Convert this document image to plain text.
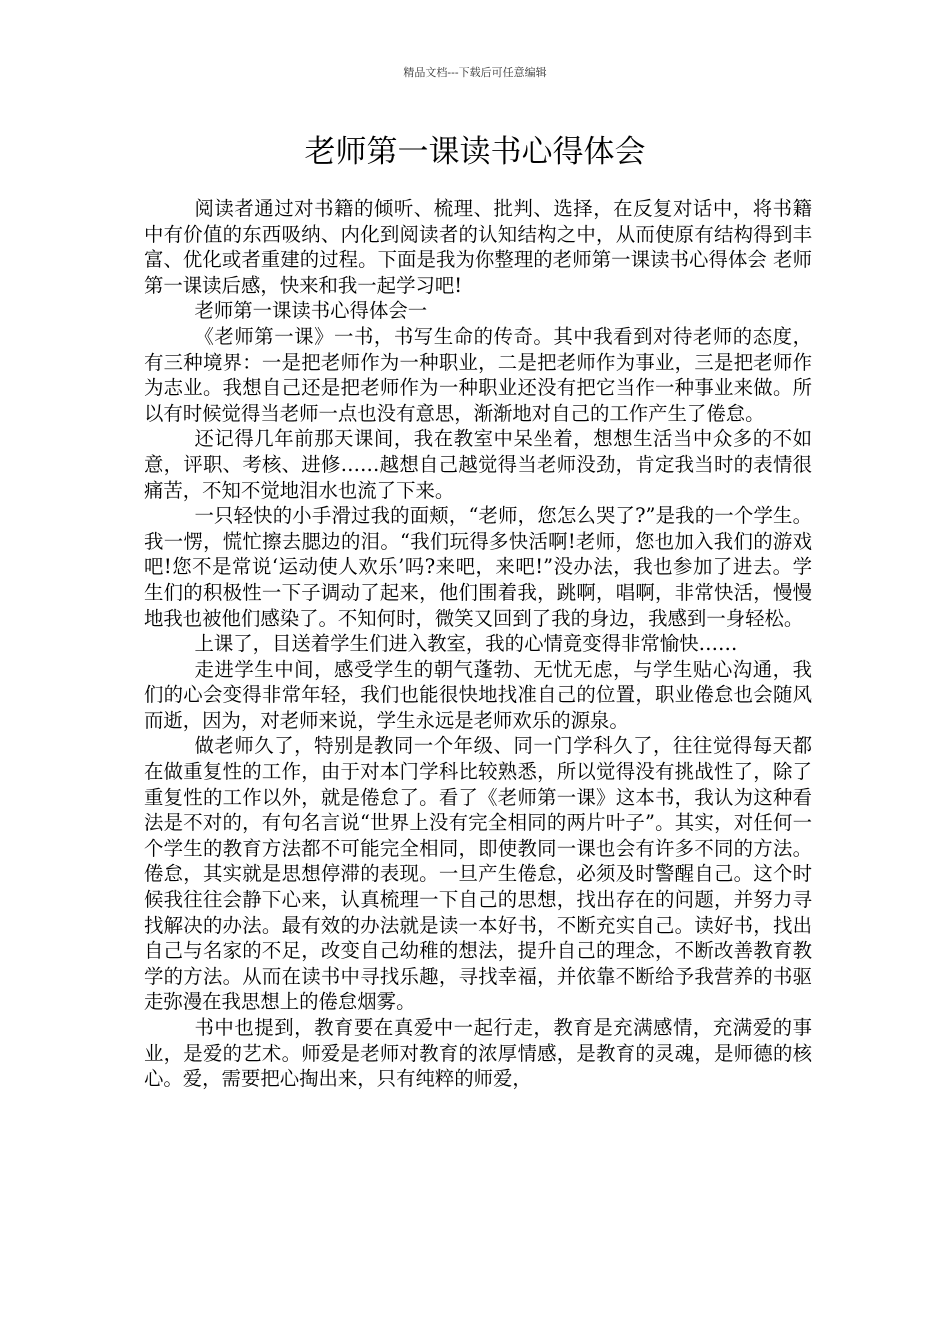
精品文档---下载后可任意编辑
老师第一课读书心得体会

阅读者通过对书籍的倾听、梳理、批判、选择，在反复对话中，将书籍中有价值的东西吸纳、内化到阅读者的认知结构之中，从而使原有结构得到丰富、优化或者重建的过程。下面是我为你整理的老师第一课读书心得体会 老师第一课读后感，快来和我一起学习吧!

老师第一课读书心得体会一

《老师第一课》一书，书写生命的传奇。其中我看到对待老师的态度，有三种境界：一是把老师作为一种职业，二是把老师作为事业，三是把老师作为志业。我想自己还是把老师作为一种职业还没有把它当作一种事业来做。所以有时候觉得当老师一点也没有意思，渐渐地对自己的工作产生了倦怠。

还记得几年前那天课间，我在教室中呆坐着，想想生活当中众多的不如意，评职、考核、进修……越想自己越觉得当老师没劲，肯定我当时的表情很痛苦，不知不觉地泪水也流了下来。

一只轻快的小手滑过我的面颊，“老师，您怎么哭了?”是我的一个学生。我一愣，慌忙擦去腮边的泪。“我们玩得多快活啊!老师，您也加入我们的游戏吧!您不是常说‘运动使人欢乐’吗?来吧，来吧!”没办法，我也参加了进去。学生们的积极性一下子调动了起来，他们围着我，跳啊，唱啊，非常快活，慢慢地我也被他们感染了。不知何时，微笑又回到了我的身边，我感到一身轻松。

上课了，目送着学生们进入教室，我的心情竟变得非常愉快……

走进学生中间，感受学生的朝气蓬勃、无忧无虑，与学生贴心沟通，我们的心会变得非常年轻，我们也能很快地找准自己的位置，职业倦怠也会随风而逝，因为，对老师来说，学生永远是老师欢乐的源泉。

做老师久了，特别是教同一个年级、同一门学科久了，往往觉得每天都在做重复性的工作，由于对本门学科比较熟悉，所以觉得没有挑战性了，除了重复性的工作以外，就是倦怠了。看了《老师第一课》这本书，我认为这种看法是不对的，有句名言说“世界上没有完全相同的两片叶子”。其实，对任何一个学生的教育方法都不可能完全相同，即使教同一课也会有许多不同的方法。倦怠，其实就是思想停滞的表现。一旦产生倦怠，必须及时警醒自己。这个时候我往往会静下心来，认真梳理一下自己的思想，找出存在的问题，并努力寻找解决的办法。最有效的办法就是读一本好书，不断充实自己。读好书，找出自己与名家的不足，改变自己幼稚的想法，提升自己的理念，不断改善教育教学的方法。从而在读书中寻找乐趣，寻找幸福，并依靠不断给予我营养的书驱走弥漫在我思想上的倦怠烟雾。

书中也提到，教育要在真爱中一起行走，教育是充满感情，充满爱的事业，是爱的艺术。师爱是老师对教育的浓厚情感，是教育的灵魂，是师德的核心。爱，需要把心掏出来，只有纯粹的师爱，
